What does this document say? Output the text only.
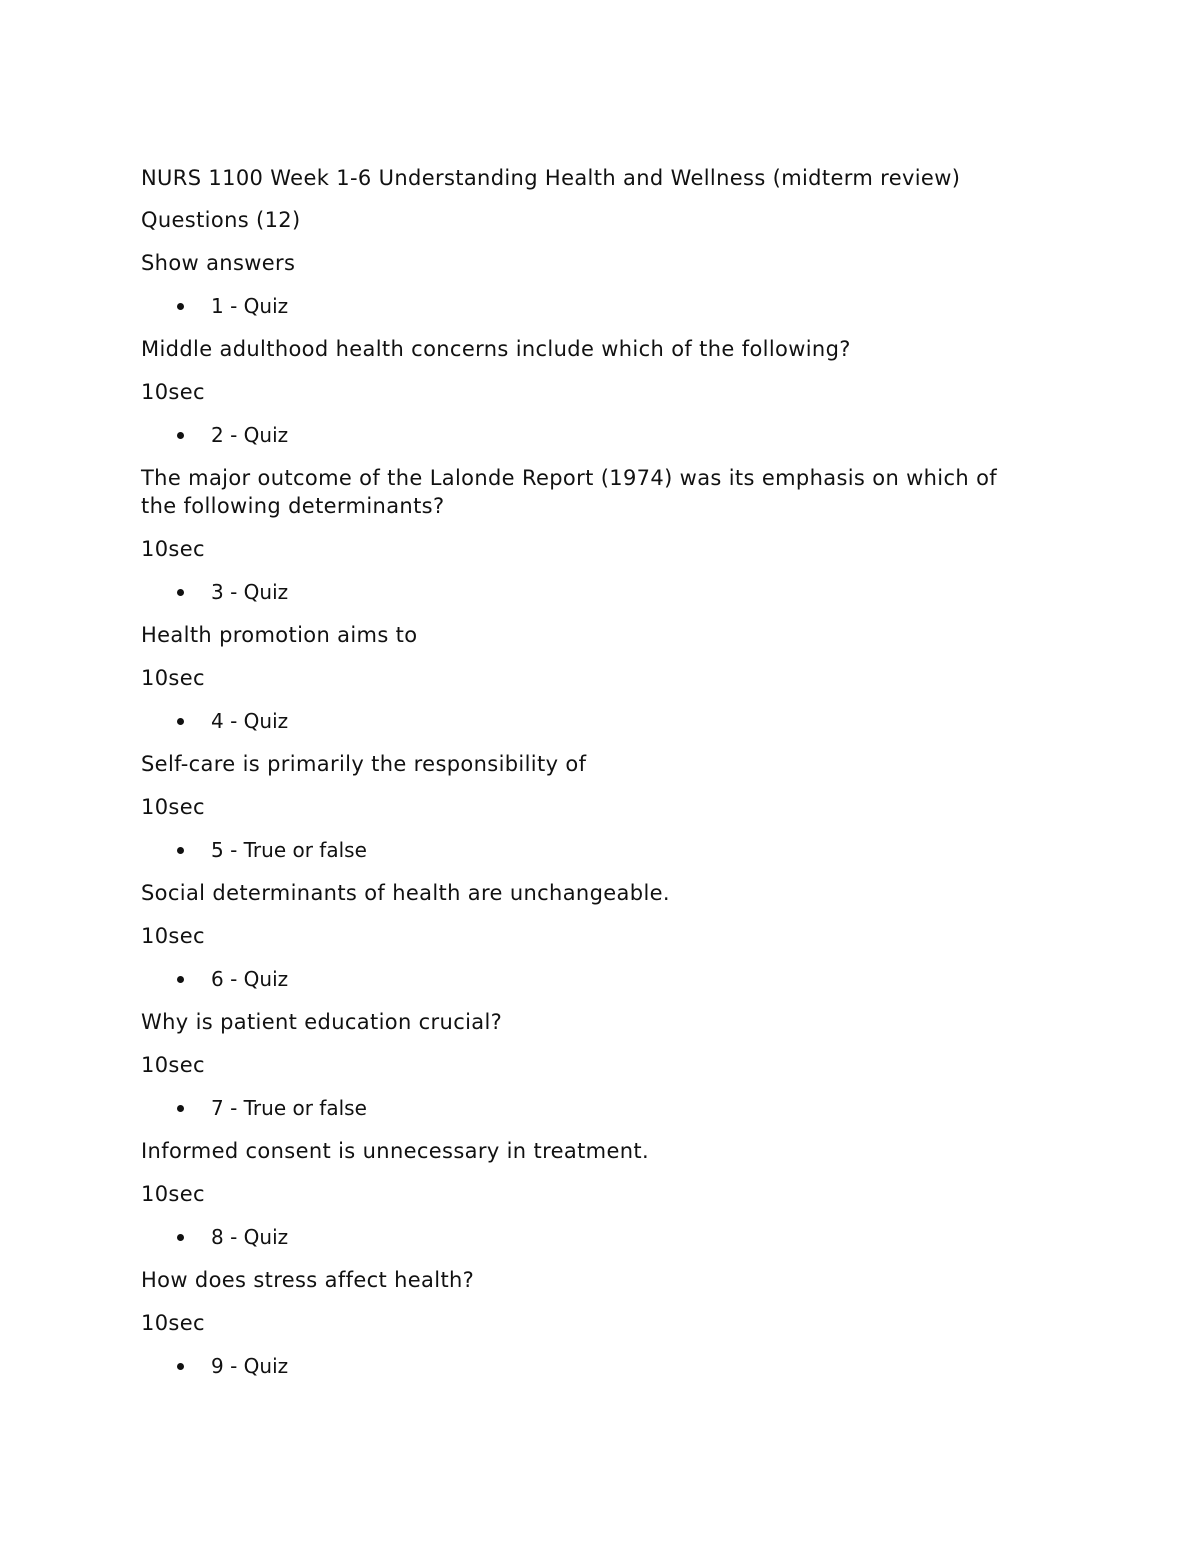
NURS 1100 Week 1-6 Understanding Health and Wellness (midterm review)
Questions (12)
Show answers
1 - Quiz
Middle adulthood health concerns include which of the following?
10sec
2 - Quiz
The major outcome of the Lalonde Report (1974) was its emphasis on which of the following determinants?
10sec
3 - Quiz
Health promotion aims to
10sec
4 - Quiz
Self-care is primarily the responsibility of
10sec
5 - True or false
Social determinants of health are unchangeable.
10sec
6 - Quiz
Why is patient education crucial?
10sec
7 - True or false
Informed consent is unnecessary in treatment.
10sec
8 - Quiz
How does stress affect health?
10sec
9 - Quiz
